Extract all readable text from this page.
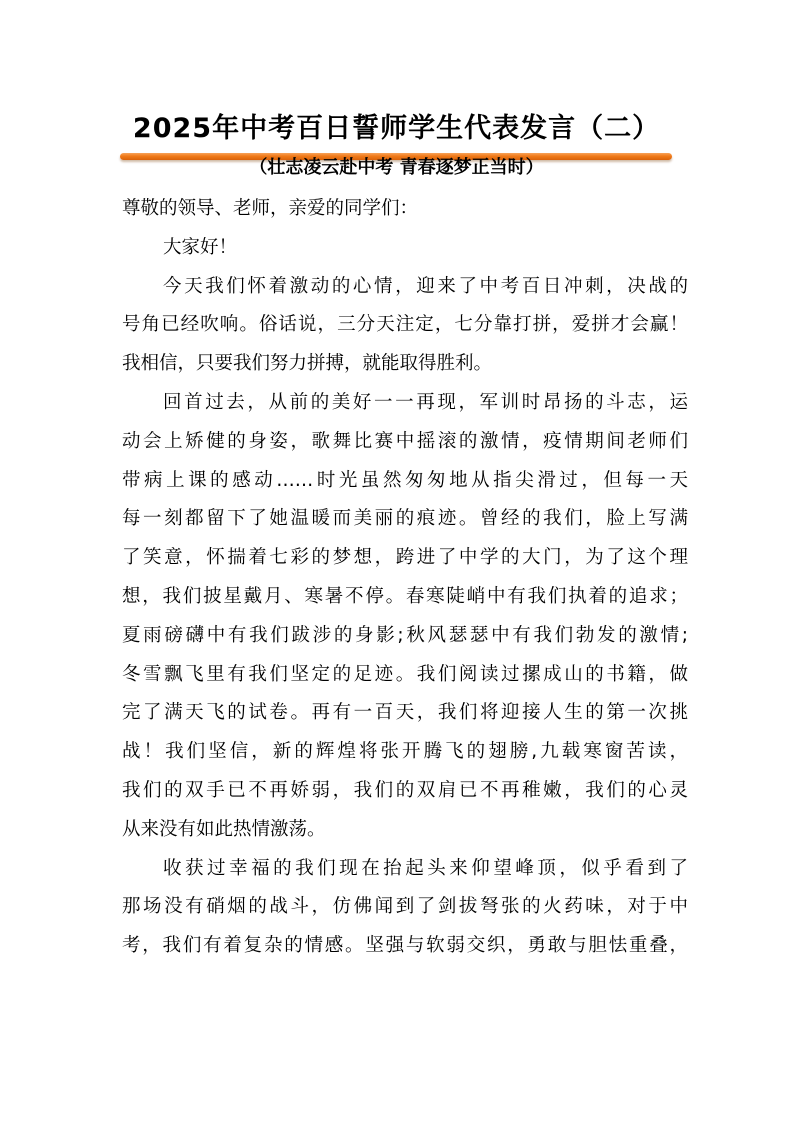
2025年中考百日誓师学生代表发言（二）
（壮志凌云赴中考 青春逐梦正当时）
尊敬的领导、老师，亲爱的同学们：
大家好！
今天我们怀着激动的心情，迎来了中考百日冲刺，决战的
号角已经吹响。俗话说，三分天注定，七分靠打拼，爱拼才会赢！
我相信，只要我们努力拼搏，就能取得胜利。
回首过去，从前的美好一一再现，军训时昂扬的斗志，运
动会上矫健的身姿，歌舞比赛中摇滚的激情，疫情期间老师们
带病上课的感动……时光虽然匆匆地从指尖滑过，但每一天
每一刻都留下了她温暖而美丽的痕迹。曾经的我们，脸上写满
了笑意，怀揣着七彩的梦想，跨进了中学的大门，为了这个理
想，我们披星戴月、寒暑不停。春寒陡峭中有我们执着的追求；
夏雨磅礴中有我们跋涉的身影;秋风瑟瑟中有我们勃发的激情;
冬雪飘飞里有我们坚定的足迹。我们阅读过摞成山的书籍，做
完了满天飞的试卷。再有一百天，我们将迎接人生的第一次挑
战！我们坚信，新的辉煌将张开腾飞的翅膀,九载寒窗苦读，
我们的双手已不再娇弱，我们的双肩已不再稚嫩，我们的心灵
从来没有如此热情激荡。
收获过幸福的我们现在抬起头来仰望峰顶，似乎看到了
那场没有硝烟的战斗，仿佛闻到了剑拔弩张的火药味，对于中
考，我们有着复杂的情感。坚强与软弱交织，勇敢与胆怯重叠，
